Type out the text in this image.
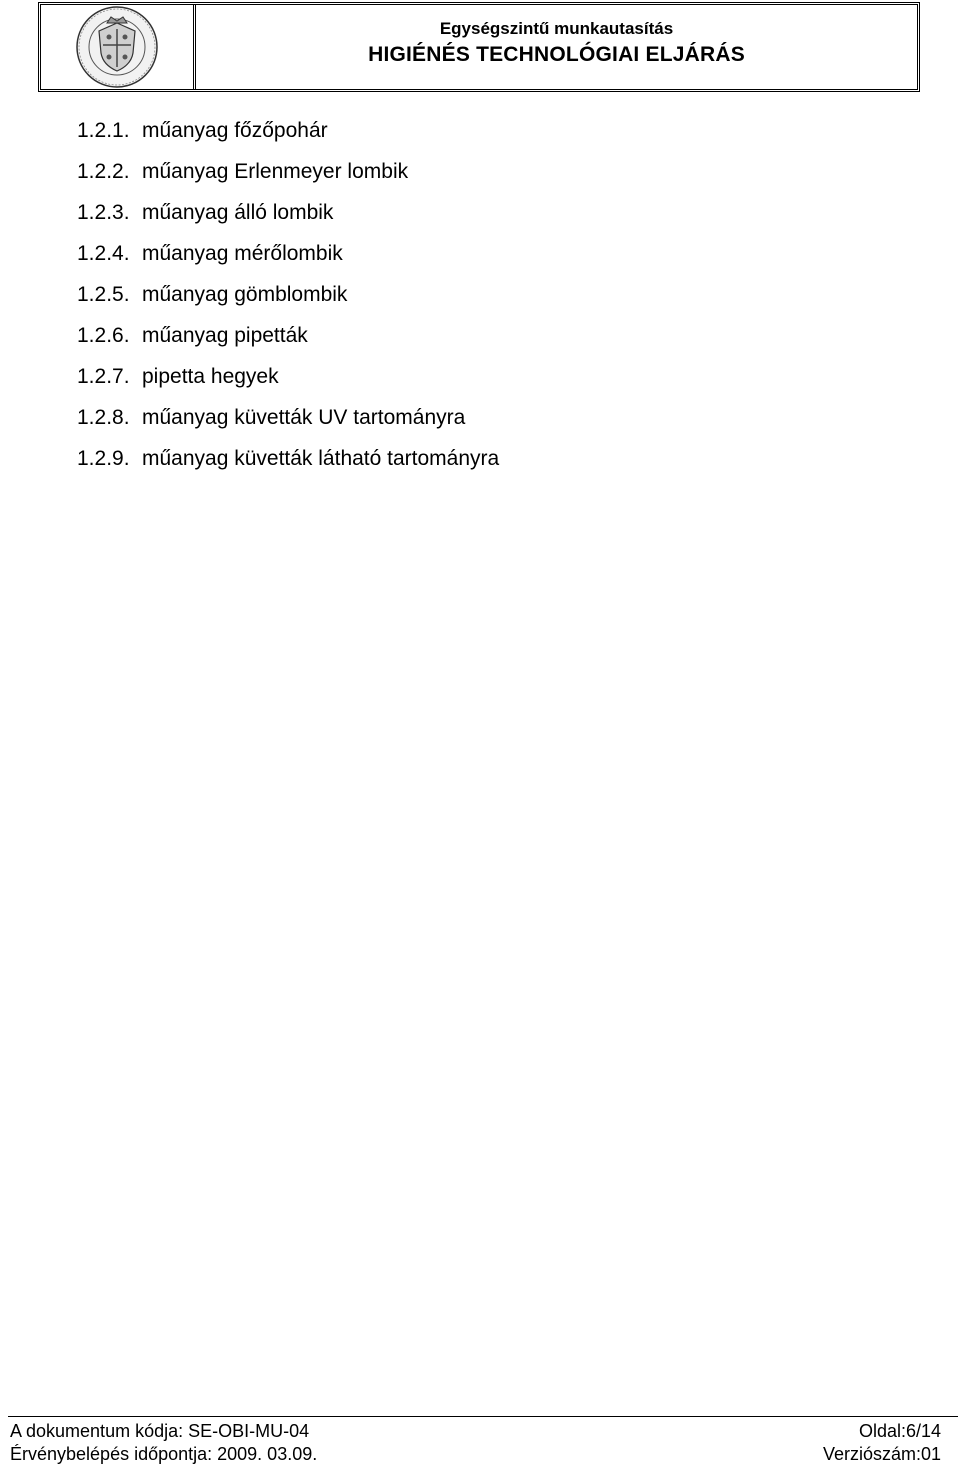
Egységszintű munkautasítás
HIGIÉNÉS TECHNOLÓGIAI ELJÁRÁS
1.2.1. műanyag főzőpohár
1.2.2. műanyag Erlenmeyer lombik
1.2.3. műanyag álló lombik
1.2.4. műanyag mérőlombik
1.2.5. műanyag gömblombik
1.2.6. műanyag pipetták
1.2.7. pipetta hegyek
1.2.8. műanyag küvetták UV tartományra
1.2.9. műanyag küvetták látható tartományra
A dokumentum kódja: SE-OBI-MU-04	Oldal:6/14
Érvénybelépés időpontja: 2009. 03.09.	Verziószám:01
